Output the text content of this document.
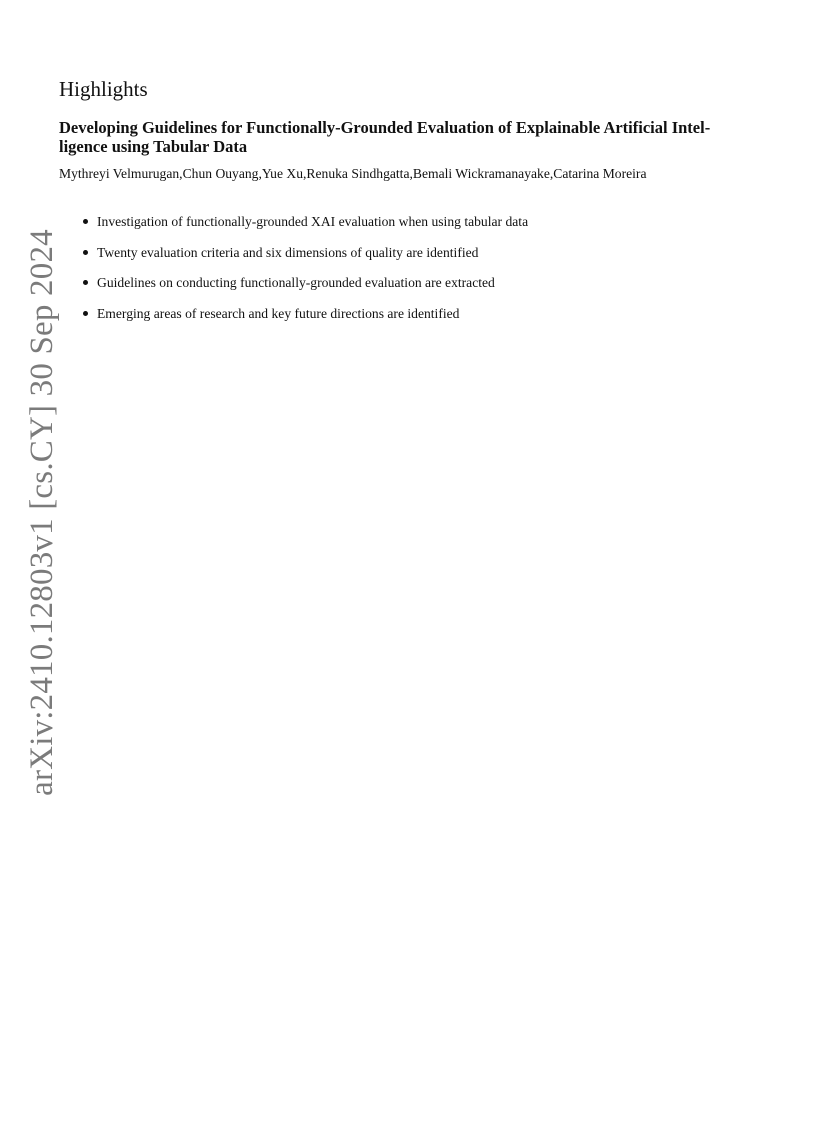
arXiv:2410.12803v1 [cs.CY] 30 Sep 2024
Highlights
Developing Guidelines for Functionally-Grounded Evaluation of Explainable Artificial Intel-
ligence using Tabular Data
Mythreyi Velmurugan,Chun Ouyang,Yue Xu,Renuka Sindhgatta,Bemali Wickramanayake,Catarina Moreira
Investigation of functionally-grounded XAI evaluation when using tabular data
Twenty evaluation criteria and six dimensions of quality are identified
Guidelines on conducting functionally-grounded evaluation are extracted
Emerging areas of research and key future directions are identified
